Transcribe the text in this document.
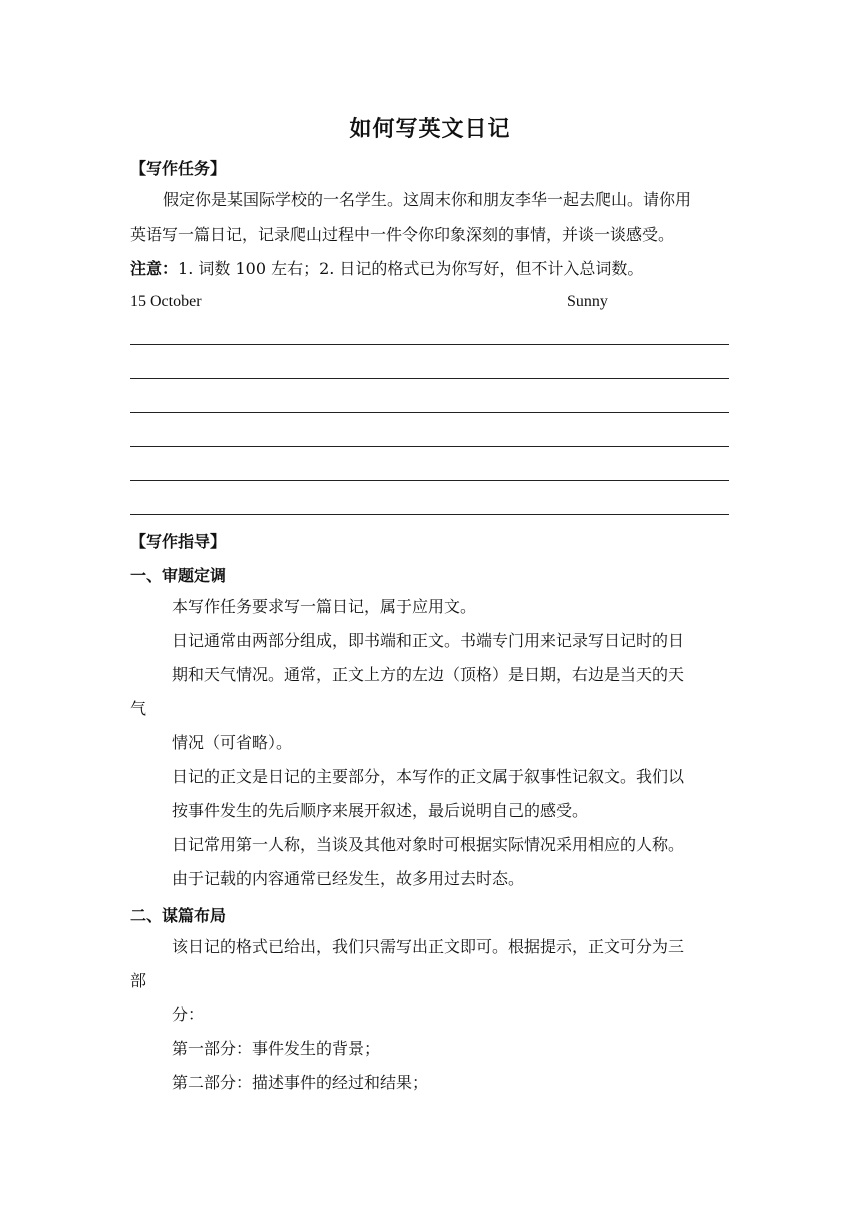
如何写英文日记
【写作任务】
假定你是某国际学校的一名学生。这周末你和朋友李华一起去爬山。请你用
英语写一篇日记，记录爬山过程中一件令你印象深刻的事情，并谈一谈感受。
注意：1. 词数 100 左右；2. 日记的格式已为你写好，但不计入总词数。
15 October	Sunny
【写作指导】
一、审题定调
本写作任务要求写一篇日记，属于应用文。
日记通常由两部分组成，即书端和正文。书端专门用来记录写日记时的日
期和天气情况。通常，正文上方的左边（顶格）是日期，右边是当天的天
气
情况（可省略）。
日记的正文是日记的主要部分，本写作的正文属于叙事性记叙文。我们以
按事件发生的先后顺序来展开叙述，最后说明自己的感受。
日记常用第一人称，当谈及其他对象时可根据实际情况采用相应的人称。
由于记载的内容通常已经发生，故多用过去时态。
二、谋篇布局
该日记的格式已给出，我们只需写出正文即可。根据提示，正文可分为三
部
分：
第一部分：事件发生的背景；
第二部分：描述事件的经过和结果；
